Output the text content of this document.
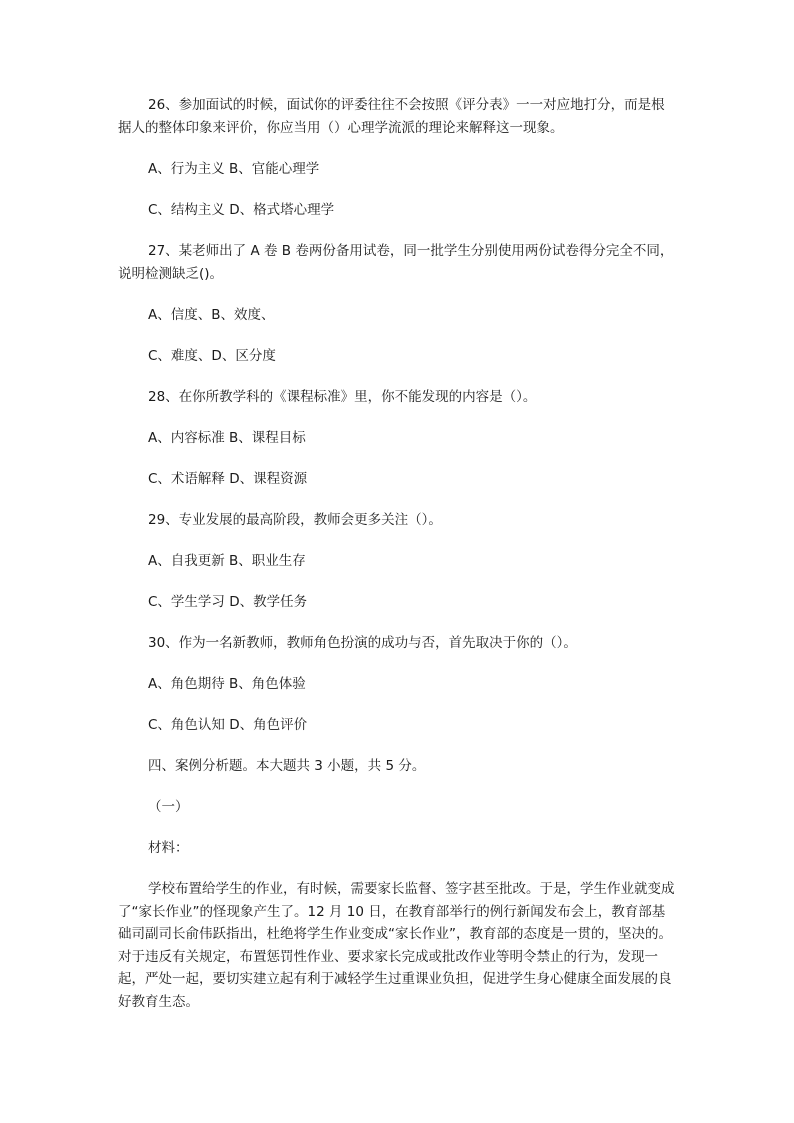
26、参加面试的时候，面试你的评委往往不会按照《评分表》一一对应地打分，而是根据人的整体印象来评价，你应当用（）心理学流派的理论来解释这一现象。

A、行为主义 B、官能心理学

C、结构主义 D、格式塔心理学

27、某老师出了 A 卷 B 卷两份备用试卷，同一批学生分别使用两份试卷得分完全不同，说明检测缺乏()。

A、信度、B、效度、

C、难度、D、区分度

28、在你所教学科的《课程标准》里，你不能发现的内容是（）。

A、内容标准 B、课程目标

C、术语解释 D、课程资源

29、专业发展的最高阶段，教师会更多关注（）。

A、自我更新 B、职业生存

C、学生学习 D、教学任务

30、作为一名新教师，教师角色扮演的成功与否，首先取决于你的（）。

A、角色期待 B、角色体验

C、角色认知 D、角色评价

四、案例分析题。本大题共 3 小题，共 5 分。

（一）

材料：

学校布置给学生的作业，有时候，需要家长监督、签字甚至批改。于是，学生作业就变成了“家长作业”的怪现象产生了。12 月 10 日，在教育部举行的例行新闻发布会上，教育部基础司副司长俞伟跃指出，杜绝将学生作业变成“家长作业”，教育部的态度是一贯的，坚决的。对于违反有关规定，布置惩罚性作业、要求家长完成或批改作业等明令禁止的行为，发现一起，严处一起，要切实建立起有利于减轻学生过重课业负担，促进学生身心健康全面发展的良好教育生态。
